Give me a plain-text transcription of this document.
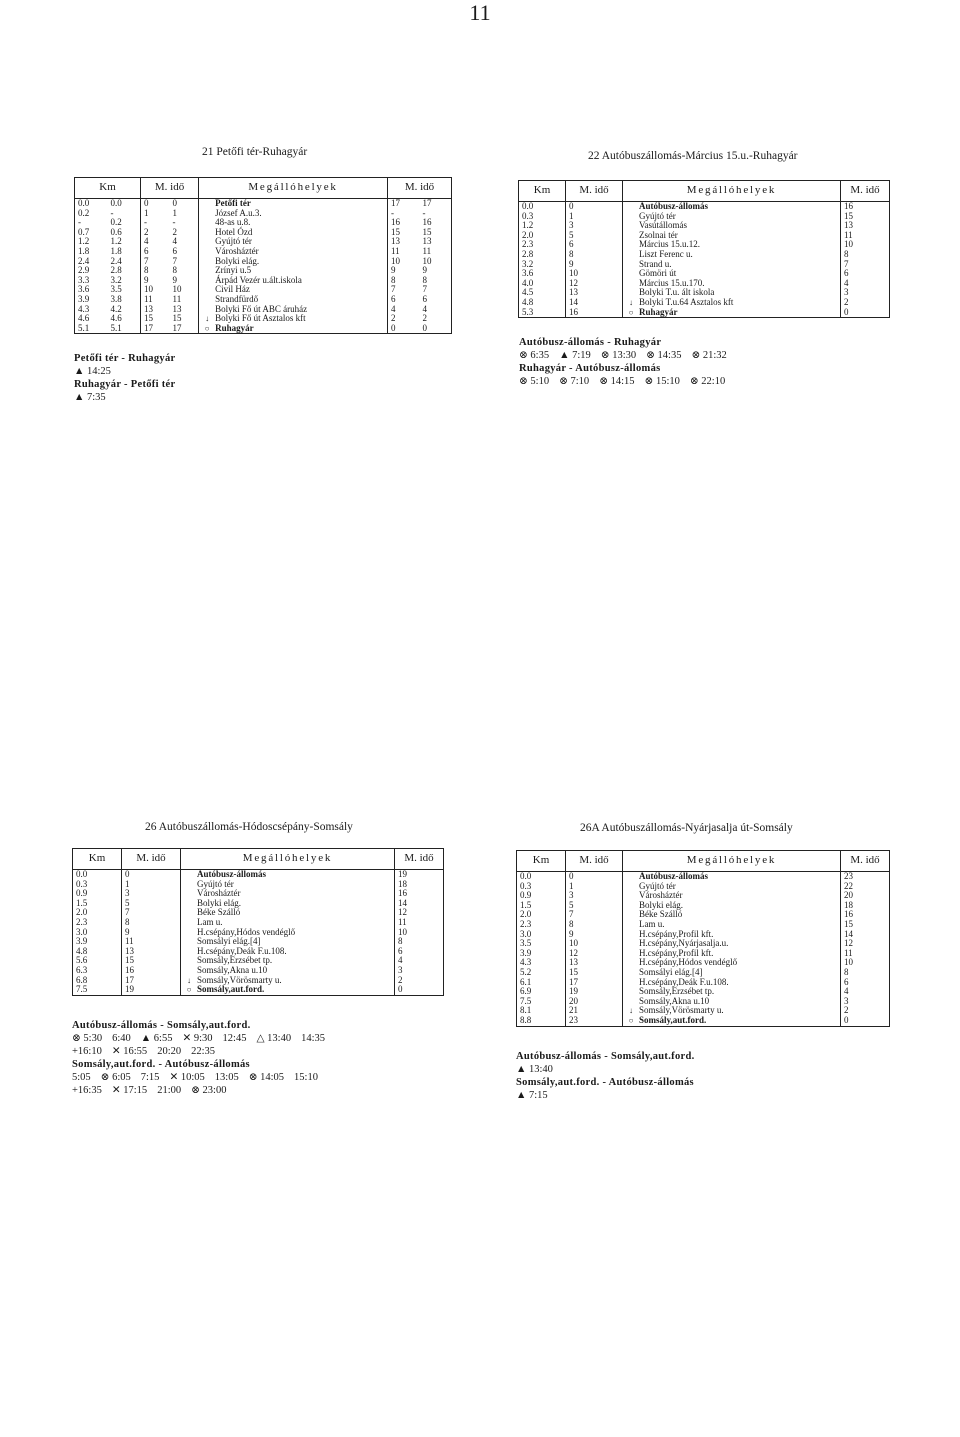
11
21 Petőfi tér-Ruhagyár
Km		M. idő		Megállóhelyek		M. idő	
0.0	0.0	0	0		Petőfi tér	17	17
0.2	-	1	1		József A.u.3.	-	-
-	0.2	-	-		48-as u.8.	16	16
0.7	0.6	2	2		Hotel Ózd	15	15
1.2	1.2	4	4		Gyújtó tér	13	13
1.8	1.8	6	6		Városháztér	11	11
2.4	2.4	7	7		Bolyki elág.	10	10
2.9	2.8	8	8		Zrínyi u.5	9	9
3.3	3.2	9	9		Árpád Vezér u.ált.iskola	8	8
3.6	3.5	10	10		Civil Ház	7	7
3.9	3.8	11	11		Strandfürdő	6	6
4.3	4.2	13	13		Bolyki Fő út ABC áruház	4	4
4.6	4.6	15	15	↓	Bolyki Fő út Asztalos kft	2	2
5.1	5.1	17	17	○	Ruhagyár	0	0
Petőfi tér - Ruhagyár
▲ 14:25
Ruhagyár - Petőfi tér
▲ 7:35
22 Autóbuszállomás-Március 15.u.-Ruhagyár
Km	M. idő	Megállóhelyek		M. idő
0.0	0		Autóbusz-állomás	16
0.3	1		Gyújtó tér	15
1.2	3		Vasútállomás	13
2.0	5		Zsolnai tér	11
2.3	6		Március 15.u.12.	10
2.8	8		Liszt Ferenc u.	8
3.2	9		Strand u.	7
3.6	10		Gömöri út	6
4.0	12		Március 15.u.170.	4
4.5	13		Bolyki T.u. ált iskola	3
4.8	14	↓	Bolyki T.u.64 Asztalos kft	2
5.3	16	○	Ruhagyár	0
Autóbusz-állomás - Ruhagyár
⊗ 6:35 ▲ 7:19 ⊗ 13:30 ⊗ 14:35 ⊗ 21:32
Ruhagyár - Autóbusz-állomás
⊗ 5:10 ⊗ 7:10 ⊗ 14:15 ⊗ 15:10 ⊗ 22:10
26 Autóbuszállomás-Hódoscsépány-Somsály
Km	M. idő	Megállóhelyek		M. idő
0.0	0		Autóbusz-állomás	19
0.3	1		Gyújtó tér	18
0.9	3		Városháztér	16
1.5	5		Bolyki elág.	14
2.0	7		Béke Szálló	12
2.3	8		Lam u.	11
3.0	9		H.csépány,Hódos vendéglő	10
3.9	11		Somsályi elág.[4]	8
4.8	13		H.csépány,Deák F.u.108.	6
5.6	15		Somsály,Erzsébet tp.	4
6.3	16		Somsály,Akna u.10	3
6.8	17	↓	Somsály,Vörösmarty u.	2
7.5	19	○	Somsály,aut.ford.	0
Autóbusz-állomás - Somsály,aut.ford.
⊗ 5:30 6:40 ▲ 6:55 ✕ 9:30 12:45 △ 13:40 14:35
+16:10 ✕ 16:55 20:20 22:35
Somsály,aut.ford. - Autóbusz-állomás
5:05 ⊗ 6:05 7:15 ✕ 10:05 13:05 ⊗ 14:05 15:10
+16:35 ✕ 17:15 21:00 ⊗ 23:00
26A Autóbuszállomás-Nyárjasalja út-Somsály
Km	M. idő	Megállóhelyek		M. idő
0.0	0		Autóbusz-állomás	23
0.3	1		Gyújtó tér	22
0.9	3		Városháztér	20
1.5	5		Bolyki elág.	18
2.0	7		Béke Szálló	16
2.3	8		Lam u.	15
3.0	9		H.csépány,Profil kft.	14
3.5	10		H.csépány,Nyárjasalja.u.	12
3.9	12		H.csépány,Profil kft.	11
4.3	13		H.csépány,Hódos vendéglő	10
5.2	15		Somsályi elág.[4]	8
6.1	17		H.csépány,Deák F.u.108.	6
6.9	19		Somsály,Erzsébet tp.	4
7.5	20		Somsály,Akna u.10	3
8.1	21	↓	Somsály,Vörösmarty u.	2
8.8	23	○	Somsály,aut.ford.	0
Autóbusz-állomás - Somsály,aut.ford.
▲ 13:40
Somsály,aut.ford. - Autóbusz-állomás
▲ 7:15
